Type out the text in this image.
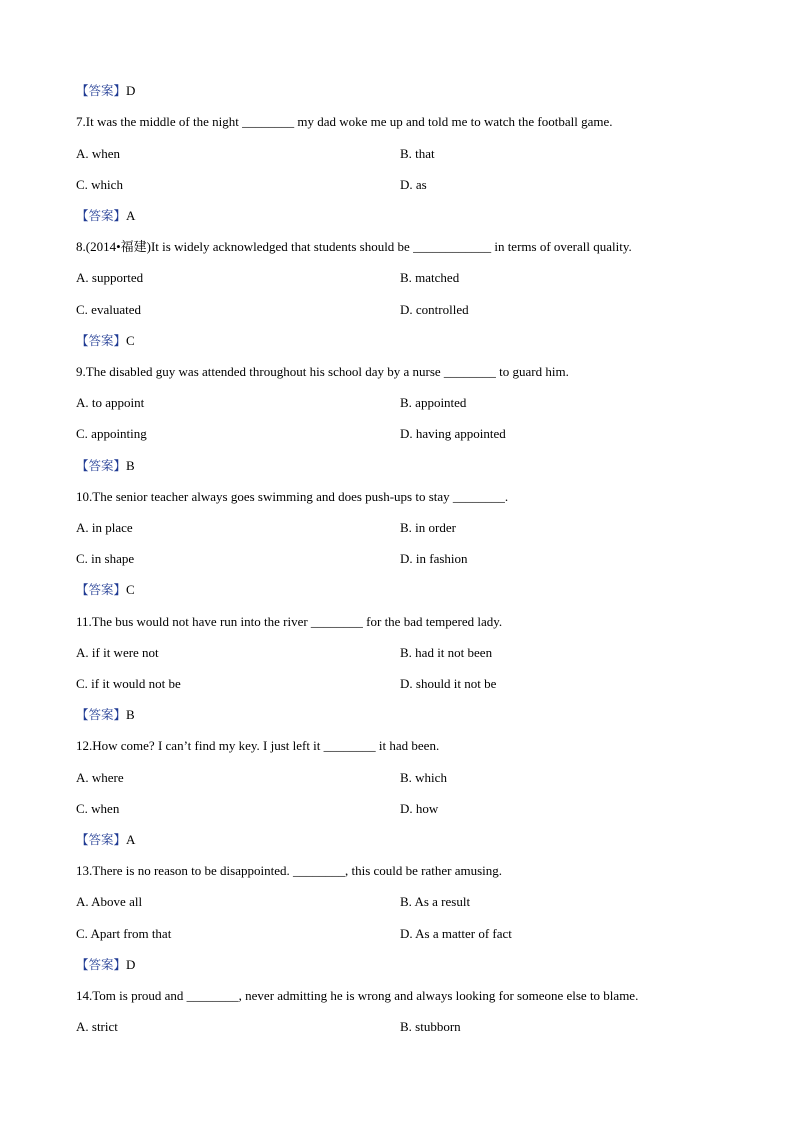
【答案】D
7.It was the middle of the night ________ my dad woke me up and told me to watch the football game.
A. when	B. that
C. which	D. as
【答案】A
8.(2014•福建)It is widely acknowledged that students should be ____________ in terms of overall quality.
A. supported	B. matched
C. evaluated	D. controlled
【答案】C
9.The disabled guy was attended throughout his school day by a nurse ________ to guard him.
A. to appoint	B. appointed
C. appointing	D. having appointed
【答案】B
10.The senior teacher always goes swimming and does push-ups to stay ________.
A. in place	B. in order
C. in shape	D. in fashion
【答案】C
11.The bus would not have run into the river ________ for the bad tempered lady.
A. if it were not	B. had it not been
C. if it would not be	D. should it not be
【答案】B
12.How come? I can’t find my key. I just left it ________ it had been.
A. where	B. which
C. when	D. how
【答案】A
13.There is no reason to be disappointed. ________, this could be rather amusing.
A. Above all	B. As a result
C. Apart from that	D. As a matter of fact
【答案】D
14.Tom is proud and ________, never admitting he is wrong and always looking for someone else to blame.
A. strict	B. stubborn
